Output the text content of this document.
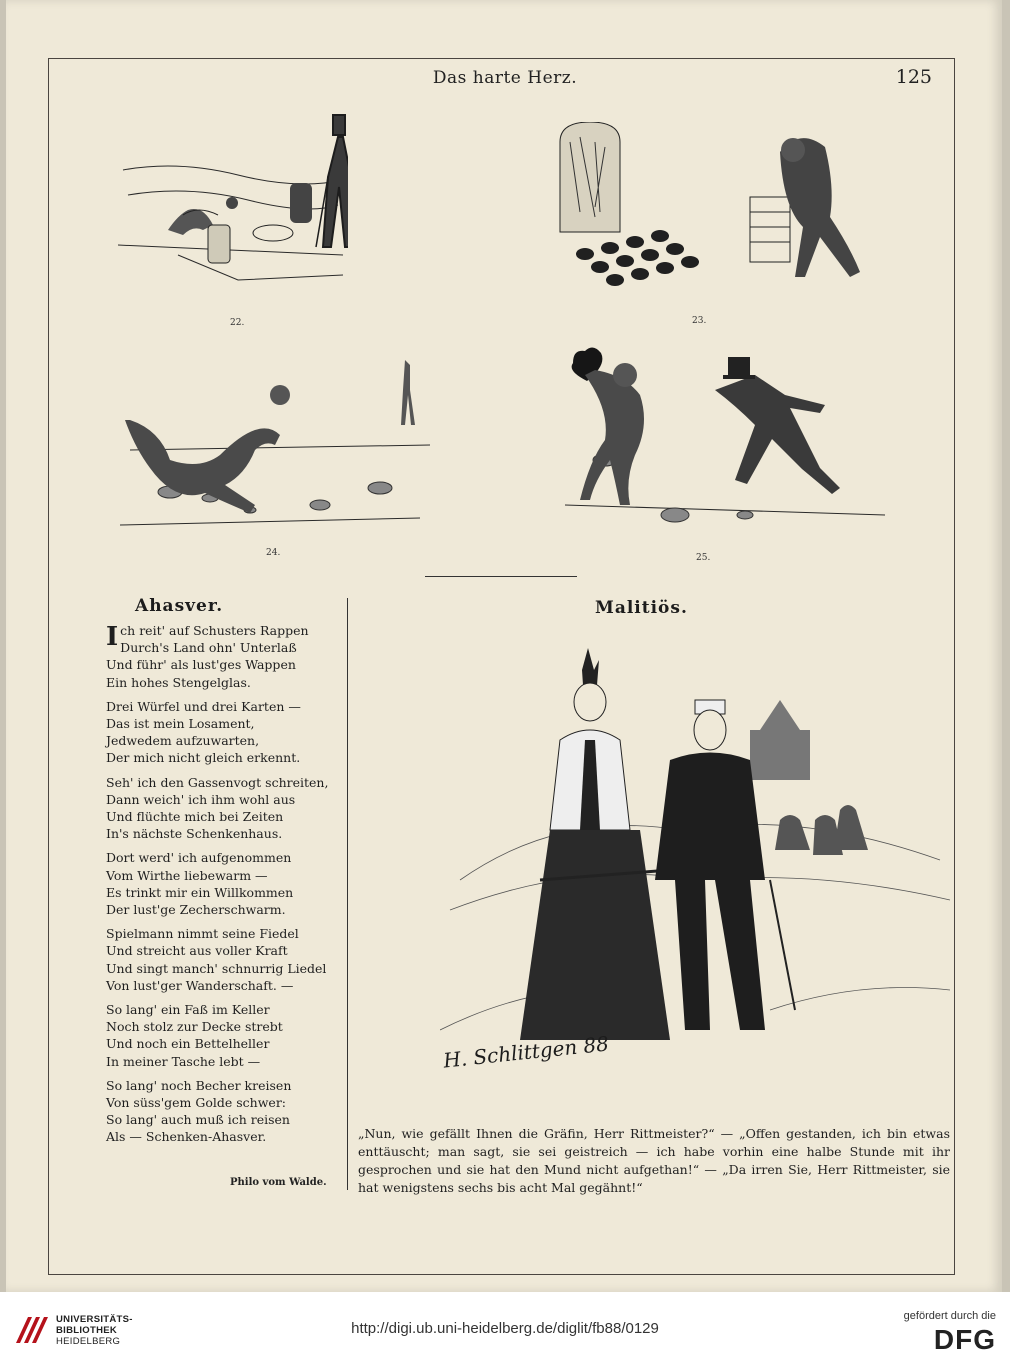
Das harte Herz.	125
22.	23.
24.	25.
Ahasver.
I ch reit' auf Schusters Rappen
Durch's Land ohn' Unterlaß
Und führ' als lust'ges Wappen
Ein hohes Stengelglas.
Drei Würfel und drei Karten —
Das ist mein Losament,
Jedwedem aufzuwarten,
Der mich nicht gleich erkennt.
Seh' ich den Gassenvogt schreiten,
Dann weich' ich ihm wohl aus
Und flüchte mich bei Zeiten
In's nächste Schenkenhaus.
Dort werd' ich aufgenommen
Vom Wirthe liebewarm —
Es trinkt mir ein Willkommen
Der lust'ge Zecherschwarm.
Spielmann nimmt seine Fiedel
Und streicht aus voller Kraft
Und singt manch' schnurrig Liedel
Von lust'ger Wanderschaft. —
So lang' ein Faß im Keller
Noch stolz zur Decke strebt
Und noch ein Bettelheller
In meiner Tasche lebt —
So lang' noch Becher kreisen
Von süss'gem Golde schwer:
So lang' auch muß ich reisen
Als — Schenken-Ahasver.
Philo vom Walde.
Malitiös.
H. Schlittgen 88
„Nun, wie gefällt Ihnen die Gräfin, Herr Rittmeister?“ — „Offen gestanden, ich bin etwas enttäuscht; man sagt, sie sei geistreich — ich habe vorhin eine halbe Stunde mit ihr gesprochen und sie hat den Mund nicht aufgethan!“ — „Da irren Sie, Herr Rittmeister, sie hat wenigstens sechs bis acht Mal gegähnt!“
UNIVERSITÄTS-
BIBLIOTHEK
HEIDELBERG
http://digi.ub.uni-heidelberg.de/diglit/fb88/0129
gefördert durch die
DFG
